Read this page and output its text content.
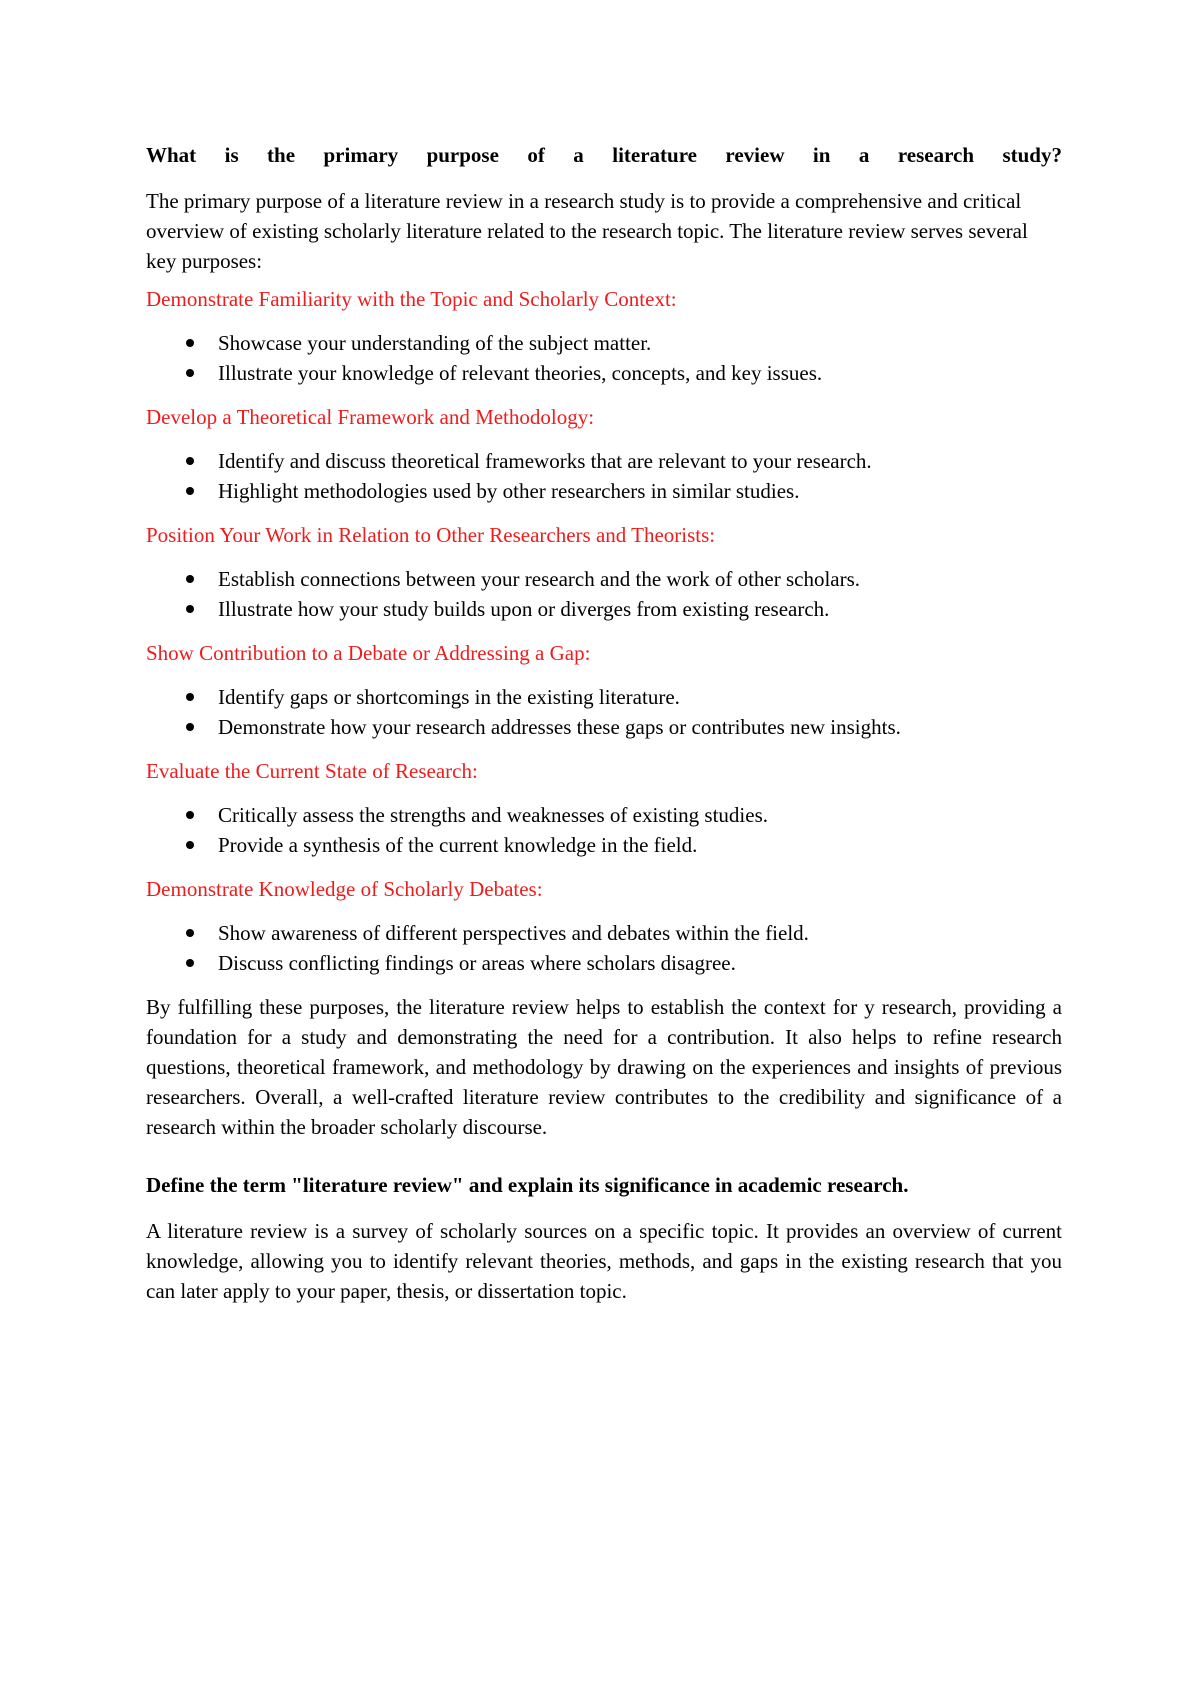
What is the primary purpose of a literature review in a research study?

The primary purpose of a literature review in a research study is to provide a comprehensive and critical overview of existing scholarly literature related to the research topic. The literature review serves several key purposes:

Demonstrate Familiarity with the Topic and Scholarly Context:
Showcase your understanding of the subject matter.
Illustrate your knowledge of relevant theories, concepts, and key issues.
Develop a Theoretical Framework and Methodology:
Identify and discuss theoretical frameworks that are relevant to your research.
Highlight methodologies used by other researchers in similar studies.
Position Your Work in Relation to Other Researchers and Theorists:
Establish connections between your research and the work of other scholars.
Illustrate how your study builds upon or diverges from existing research.
Show Contribution to a Debate or Addressing a Gap:
Identify gaps or shortcomings in the existing literature.
Demonstrate how your research addresses these gaps or contributes new insights.
Evaluate the Current State of Research:
Critically assess the strengths and weaknesses of existing studies.
Provide a synthesis of the current knowledge in the field.
Demonstrate Knowledge of Scholarly Debates:
Show awareness of different perspectives and debates within the field.
Discuss conflicting findings or areas where scholars disagree.

By fulfilling these purposes, the literature review helps to establish the context for y research, providing a foundation for a study and demonstrating the need for a contribution. It also helps to refine research questions, theoretical framework, and methodology by drawing on the experiences and insights of previous researchers. Overall, a well-crafted literature review contributes to the credibility and significance of a research within the broader scholarly discourse.

Define the term "literature review" and explain its significance in academic research.

A literature review is a survey of scholarly sources on a specific topic. It provides an overview of current knowledge, allowing you to identify relevant theories, methods, and gaps in the existing research that you can later apply to your paper, thesis, or dissertation topic.
